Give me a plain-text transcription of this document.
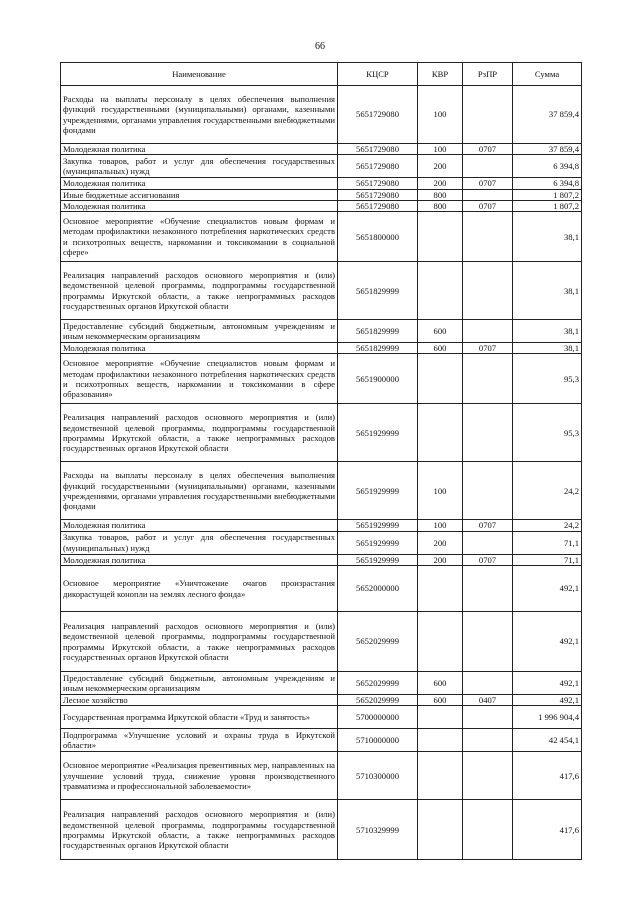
66
Наименование	КЦСР	КВР	РзПР	Сумма
Расходы на выплаты персоналу в целях обеспечения выполнения функций государственными (муниципальными) органами, казенными учреждениями, органами управления государственными внебюджетными фондами	5651729080	100		37 859,4
Молодежная политика	5651729080	100	0707	37 859,4
Закупка товаров, работ и услуг для обеспечения государственных (муниципальных) нужд	5651729080	200		6 394,8
Молодежная политика	5651729080	200	0707	6 394,8
Иные бюджетные ассигнования	5651729080	800		1 807,2
Молодежная политика	5651729080	800	0707	1 807,2
Основное мероприятие «Обучение специалистов новым формам и методам профилактики незаконного потребления наркотических средств и психотропных веществ, наркомании и токсикомании в социальной сфере»	5651800000			38,1
Реализация направлений расходов основного мероприятия и (или) ведомственной целевой программы, подпрограммы государственной программы Иркутской области, а также непрограммных расходов государственных органов Иркутской области	5651829999			38,1
Предоставление субсидий бюджетным, автономным учреждениям и иным некоммерческим организациям	5651829999	600		38,1
Молодежная политика	5651829999	600	0707	38,1
Основное мероприятие «Обучение специалистов новым формам и методам профилактики незаконного потребления наркотических средств и психотропных веществ, наркомании и токсикомании в сфере образования»	5651900000			95,3
Реализация направлений расходов основного мероприятия и (или) ведомственной целевой программы, подпрограммы государственной программы Иркутской области, а также непрограммных расходов государственных органов Иркутской области	5651929999			95,3
Расходы на выплаты персоналу в целях обеспечения выполнения функций государственными (муниципальными) органами, казенными учреждениями, органами управления государственными внебюджетными фондами	5651929999	100		24,2
Молодежная политика	5651929999	100	0707	24,2
Закупка товаров, работ и услуг для обеспечения государственных (муниципальных) нужд	5651929999	200		71,1
Молодежная политика	5651929999	200	0707	71,1
Основное мероприятие «Уничтожение очагов произрастания дикорастущей конопли на землях лесного фонда»	5652000000			492,1
Реализация направлений расходов основного мероприятия и (или) ведомственной целевой программы, подпрограммы государственной программы Иркутской области, а также непрограммных расходов государственных органов Иркутской области	5652029999			492,1
Предоставление субсидий бюджетным, автономным учреждениям и иным некоммерческим организациям	5652029999	600		492,1
Лесное хозяйство	5652029999	600	0407	492,1
Государственная программа Иркутской области «Труд и занятость»	5700000000			1 996 904,4
Подпрограмма «Улучшение условий и охраны труда в Иркутской области»	5710000000			42 454,1
Основное мероприятие «Реализация превентивных мер, направленных на улучшение условий труда, снижение уровня производственного травматизма и профессиональной заболеваемости»	5710300000			417,6
Реализация направлений расходов основного мероприятия и (или) ведомственной целевой программы, подпрограммы государственной программы Иркутской области, а также непрограммных расходов государственных органов Иркутской области	5710329999			417,6
